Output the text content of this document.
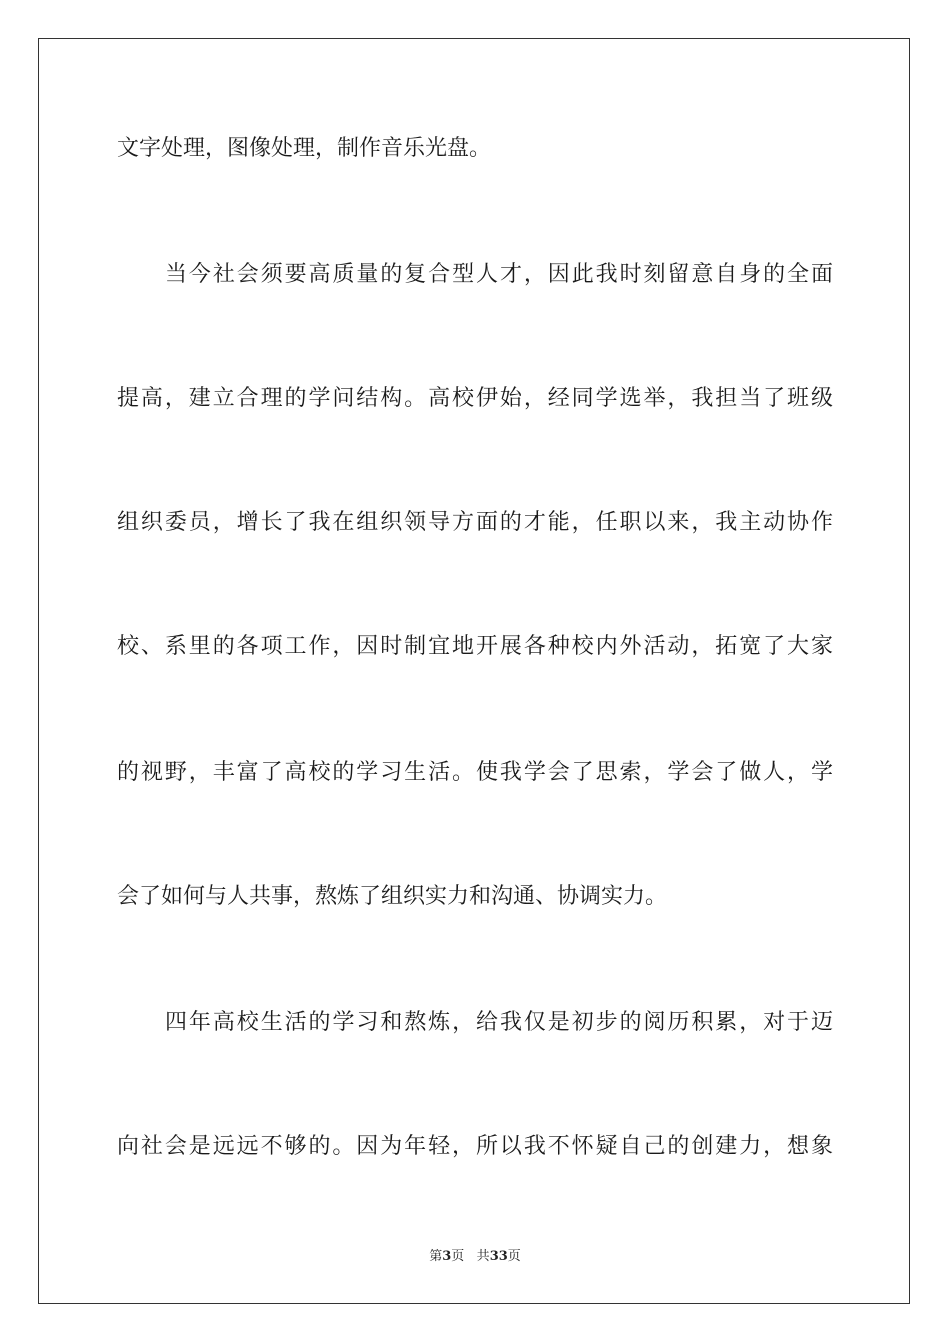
文字处理，图像处理，制作音乐光盘。
当今社会须要高质量的复合型人才，因此我时刻留意自身的全面
提高，建立合理的学问结构。高校伊始，经同学选举，我担当了班级
组织委员，增长了我在组织领导方面的才能，任职以来，我主动协作
校、系里的各项工作，因时制宜地开展各种校内外活动，拓宽了大家
的视野，丰富了高校的学习生活。使我学会了思索，学会了做人，学
会了如何与人共事，熬炼了组织实力和沟通、协调实力。
四年高校生活的学习和熬炼，给我仅是初步的阅历积累，对于迈
向社会是远远不够的。因为年轻，所以我不怀疑自己的创建力，想象
第3页 共33页
